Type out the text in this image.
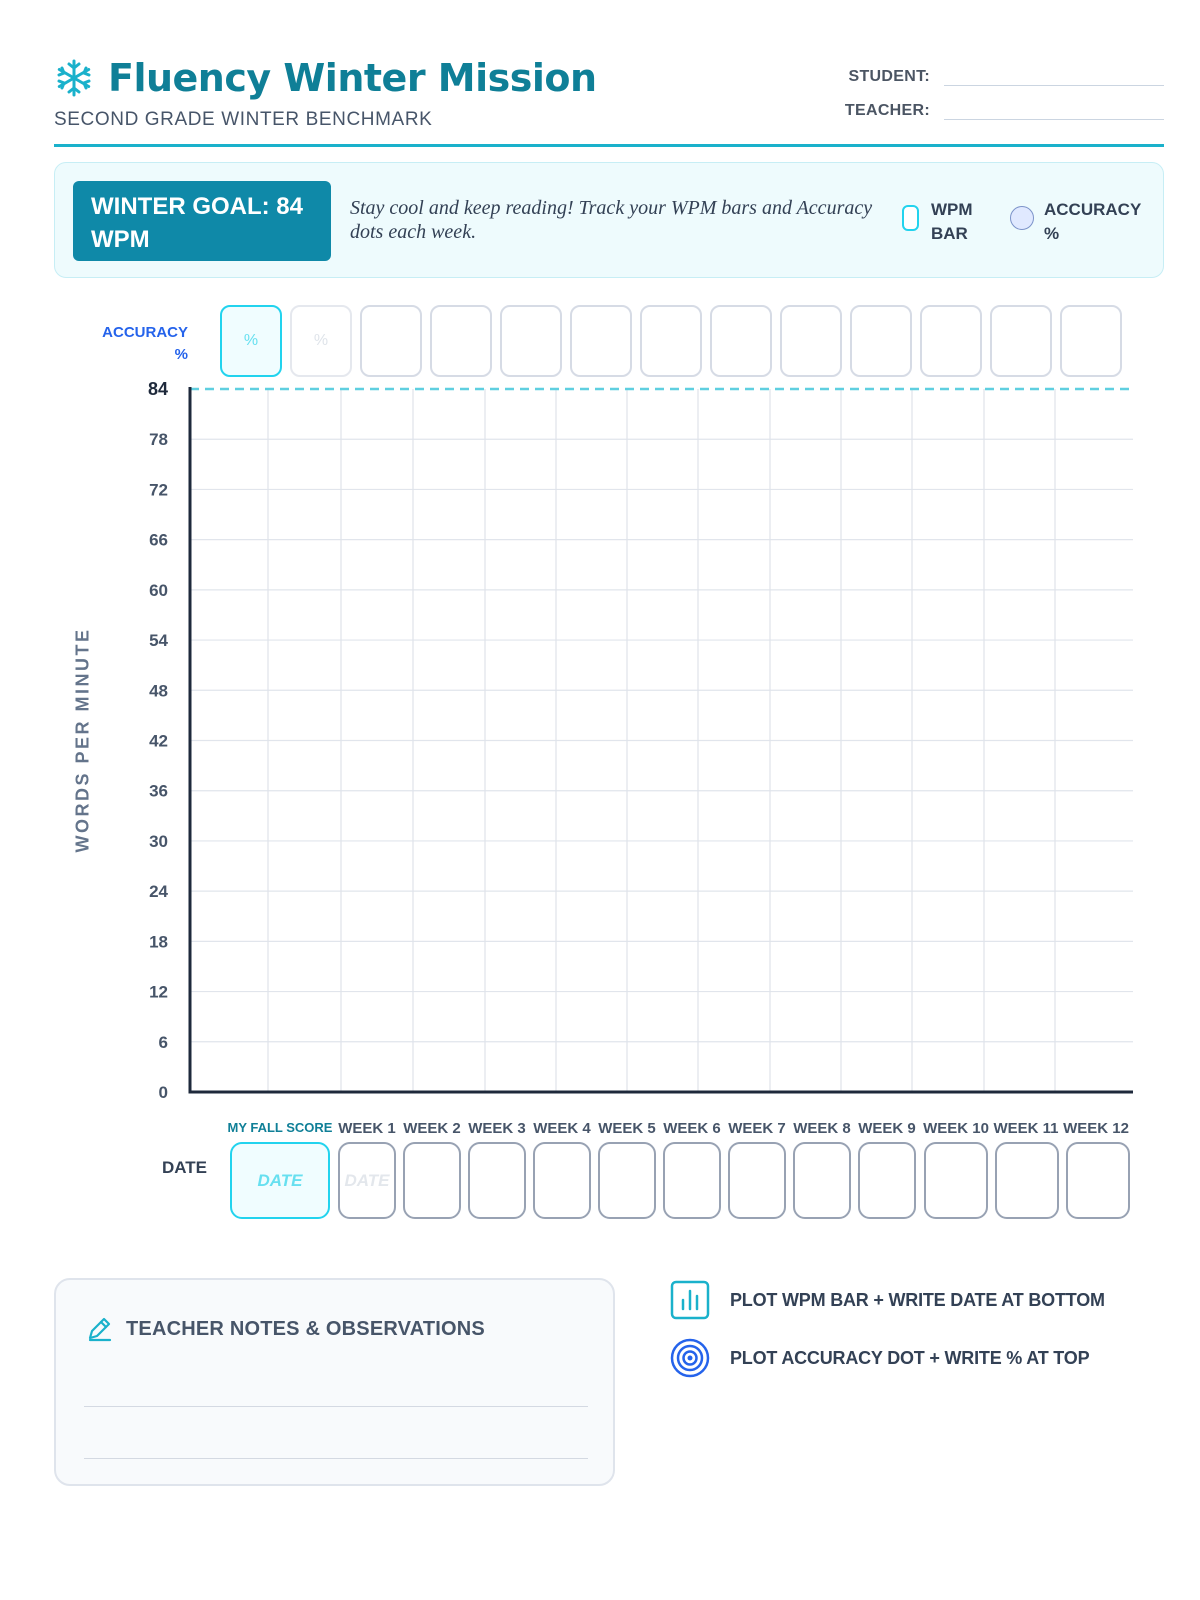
Fluency Winter Mission
SECOND GRADE WINTER BENCHMARK
STUDENT:
TEACHER:
WINTER GOAL: 84 WPM
Stay cool and keep reading! Track your WPM bars and Accuracy dots each week.
WPM BAR
ACCURACY %
ACCURACY %
%	%
WORDS PER MINUTE
84
78
72
66
60
54
48
42
36
30
24
18
12
6
0
MY FALL SCORE WEEK 1 WEEK 2 WEEK 3 WEEK 4 WEEK 5 WEEK 6 WEEK 7 WEEK 8 WEEK 9 WEEK 10 WEEK 11 WEEK 12
DATE
DATE	DATE
TEACHER NOTES & OBSERVATIONS
PLOT WPM BAR + WRITE DATE AT BOTTOM
PLOT ACCURACY DOT + WRITE % AT TOP
